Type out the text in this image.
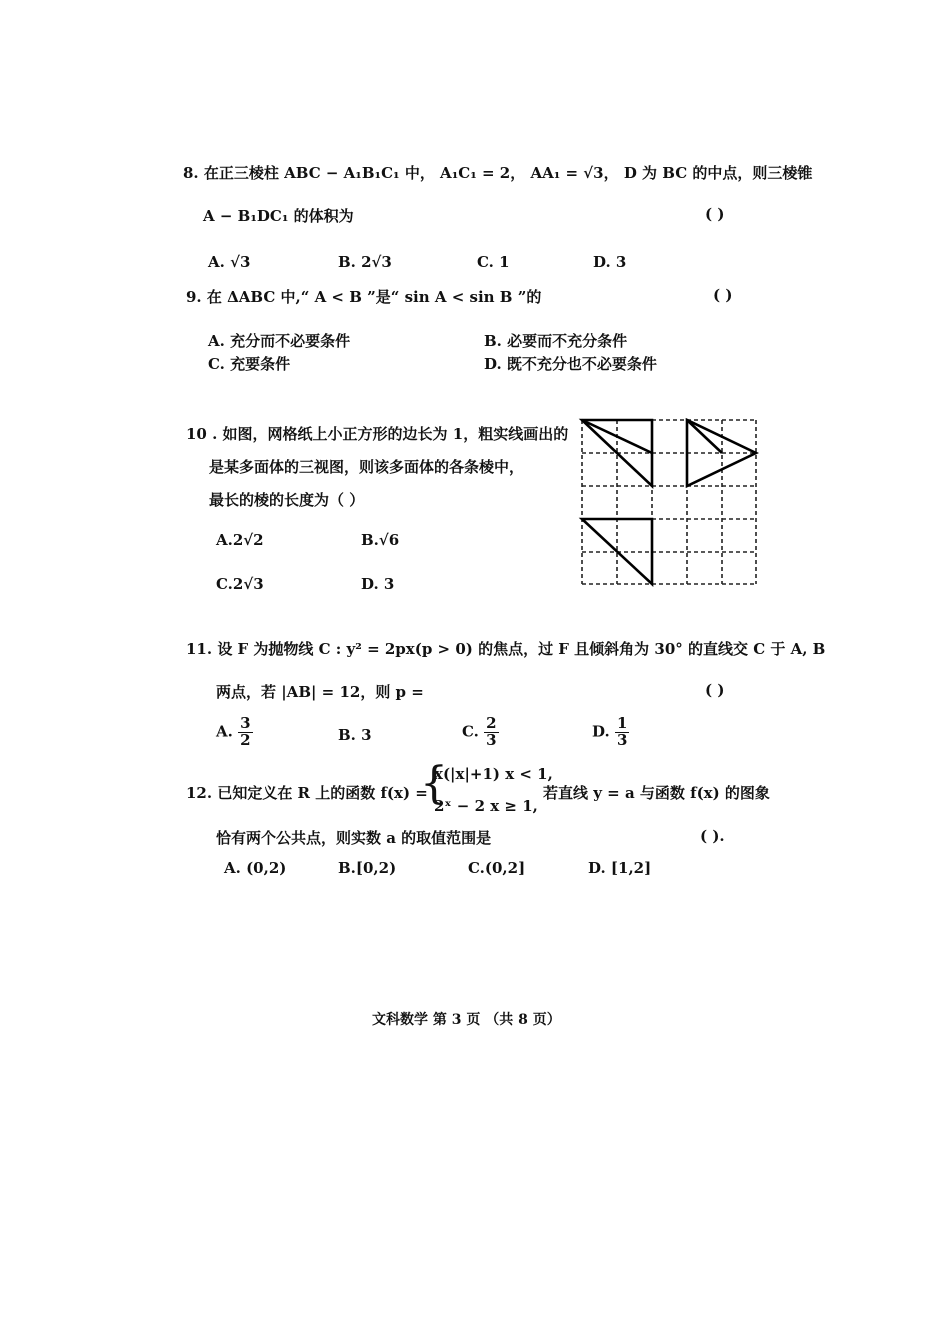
8. 在正三棱柱 ABC − A₁B₁C₁ 中， A₁C₁ = 2， AA₁ = √3， D 为 BC 的中点，则三棱锥
A − B₁DC₁ 的体积为	( )
A. √3	B. 2√3	C. 1	D. 3
9. 在 ΔABC 中,“ A < B ”是“ sin A < sin B ”的	( )
A. 充分而不必要条件	B. 必要而不充分条件
C. 充要条件	D. 既不充分也不必要条件
10 . 如图，网格纸上小正方形的边长为 1，粗实线画出的
是某多面体的三视图，则该多面体的各条棱中，
最长的棱的长度为（ ）
A.2√2	B.√6
C.2√3	D. 3
11. 设 F 为抛物线 C : y² = 2px(p > 0) 的焦点，过 F 且倾斜角为 30° 的直线交 C 于 A, B
两点，若 |AB| = 12，则 p =	( )
A. $\frac{3}{2}$	B. 3	C. $\frac{2}{3}$	D. $\frac{1}{3}$
12. 已知定义在 R 上的函数 f(x) =
{
x(|x|+1) x < 1,
2ˣ − 2 x ≥ 1,
若直线 y = a 与函数 f(x) 的图象
恰有两个公共点，则实数 a 的取值范围是	( ).
A. (0,2)	B.[0,2)	C.(0,2]	D. [1,2]
文科数学 第 3 页 （共 8 页）
